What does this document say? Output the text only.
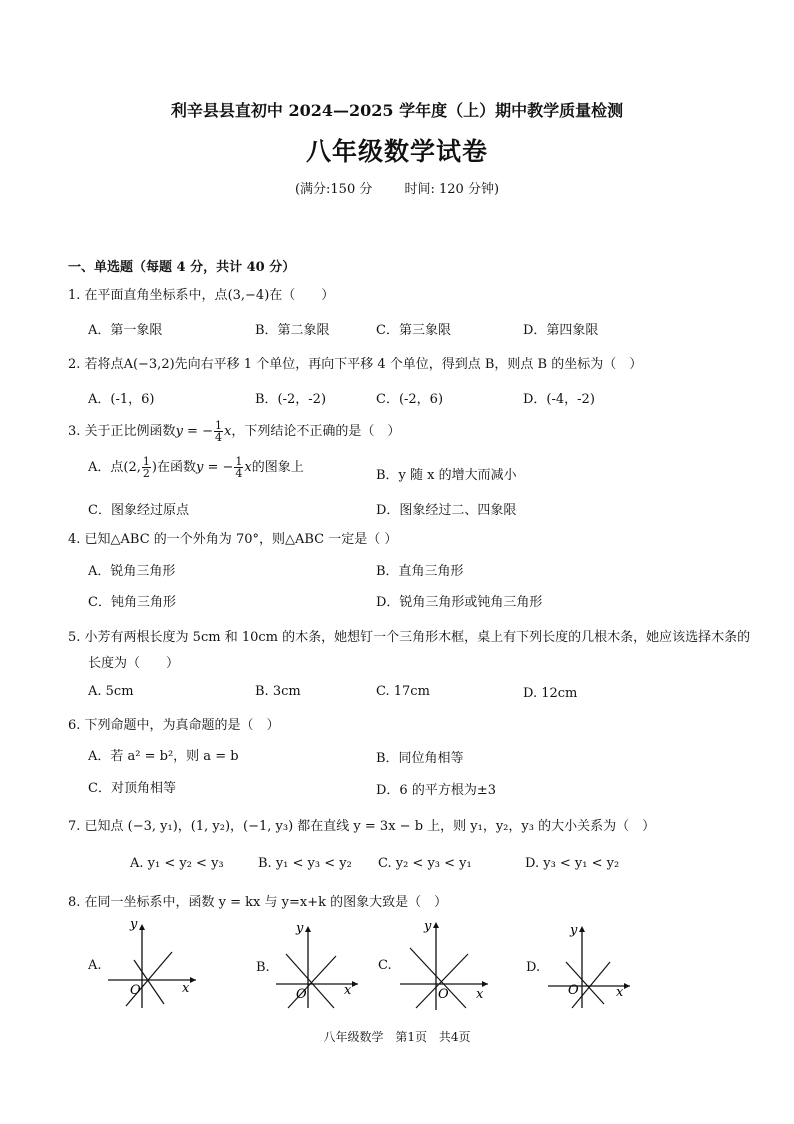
利辛县县直初中 2024—2025 学年度（上）期中教学质量检测
八年级数学试卷
(满分:150 分 时间: 120 分钟)
一、单选题（每题 4 分，共计 40 分）
1. 在平面直角坐标系中，点(3,−4)在（　　）
A．第一象限	B．第二象限	C．第三象限	D．第四象限
2. 若将点A(−3,2)先向右平移 1 个单位，再向下平移 4 个单位，得到点 B，则点 B 的坐标为（　）
A．(-1，6)	B．(-2，-2)	C．(-2，6)	D．(-4，-2)
3. 关于正比例函数y = − $\frac{1}{4}$ x，下列结论不正确的是（　）
A．点(2, $\frac{1}{2}$ )在函数y = − $\frac{1}{4}$ x的图象上
B．y 随 x 的增大而减小
C．图象经过原点	D．图象经过二、四象限
4. 已知△ABC 的一个外角为 70°，则△ABC 一定是（ ）
A．锐角三角形	B．直角三角形
C．钝角三角形	D．锐角三角形或钝角三角形
5. 小芳有两根长度为 5cm 和 10cm 的木条，她想钉一个三角形木框，桌上有下列长度的几根木条，她应该选择木条的
长度为（　　）
A. 5cm	B. 3cm	C. 17cm	D. 12cm
6. 下列命题中，为真命题的是（　）
A．若 a² = b²，则 a = b	B．同位角相等
C．对顶角相等	D．6 的平方根为±3
7. 已知点 (−3, y₁)，(1, y₂)，(−1, y₃) 都在直线 y = 3x − b 上，则 y₁，y₂，y₃ 的大小关系为（　）
A. y₁ < y₂ < y₃	B. y₁ < y₃ < y₂ C. y₂ < y₃ < y₁	D. y₃ < y₁ < y₂
8. 在同一坐标系中，函数 y = kx 与 y=x+k 的图象大致是（　）
A.
y
x
O
B.
y
x
O
C.
y
x
O
D.
y
x
O
八年级数学 第1页 共4页
